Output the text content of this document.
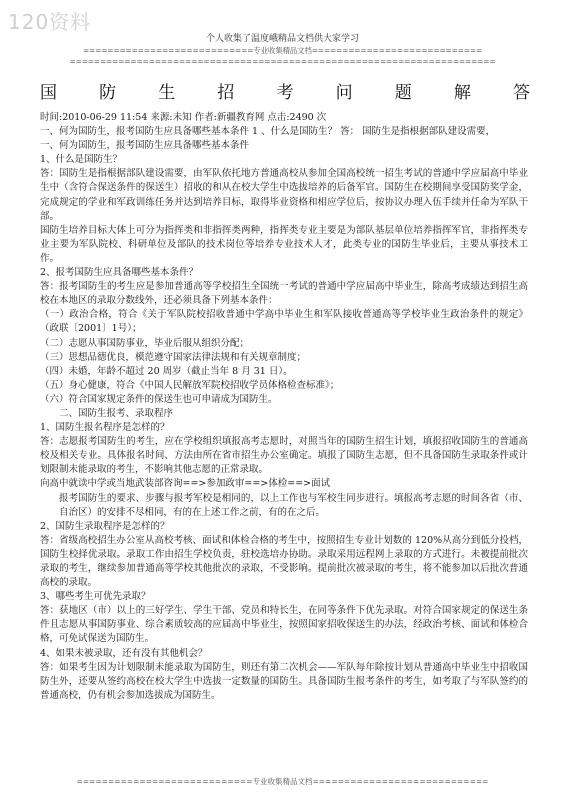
120资料
个人收集了温度峨精品文档供大家学习
============================专业收集精品文档============================
======================================================================
国 防 生 招 考 问 题 解 答

时间:2010-06-29 11:54 来源:未知 作者:新疆教育网 点击:2490 次

一、何为国防生，报考国防生应具备哪些基本条件 1 、什么是国防生？ 答： 国防生是指根据部队建设需要，

一、何为国防生，报考国防生应具备哪些基本条件

1、什么是国防生？

答：国防生是指根据部队建设需要，由军队依托地方普通高校从参加全国高校统一招生考试的普通中学应届高中毕业生中（含符合保送条件的保送生）招收的和从在校大学生中选拔培养的后备军官。国防生在校期间享受国防奖学金，完成规定的学业和军政训练任务并达到培养目标，取得毕业资格和相应学位后，按协议办理入伍手续并任命为军队干部。

国防生培养目标大体上可分为指挥类和非指挥类两种，指挥类专业主要是为部队基层单位培养指挥军官，非指挥类专业主要为军队院校、科研单位及部队的技术岗位等培养专业技术人才，此类专业的国防生毕业后，主要从事技术工作。

2、报考国防生应具备哪些基本条件？

答：报考国防生的考生应是参加普通高等学校招生全国统一考试的普通中学应届高中毕业生，除高考成绩达到招生高校在本地区的录取分数线外，还必须具备下列基本条件：

（一）政治合格，符合《关于军队院校招收普通中学高中毕业生和军队接收普通高等学校毕业生政治条件的规定》（政联〔2001〕1号）；

（二）志愿从事国防事业，毕业后服从组织分配；

（三）思想品德优良，模范遵守国家法律法规和有关规章制度；

（四）未婚，年龄不超过 20 周岁（截止当年 8 月 31 日）。

（五）身心健康，符合《中国人民解放军院校招收学员体格检查标准》；

（六）符合国家规定条件的保送生也可申请成为国防生。

二、国防生报考、录取程序

1、国防生报名程序是怎样的？

答：志愿报考国防生的考生，应在学校组织填报高考志愿时，对照当年的国防生招生计划，填报招收国防生的普通高校及相关专业。具体报名时间、方法由所在省市招生办公室确定。填报了国防生志愿，但不具备国防生录取条件或计划限制未能录取的考生，不影响其他志愿的正常录取。

向高中就读中学或当地武装部咨询==>参加政审==>体检==>面试

报考国防生的要求、步骤与报考军校是相同的，以上工作也与军校生同步进行。填报高考志愿的时间各省（市、自治区）的安排不尽相同，有的在上述工作之前，有的在之后。

2、国防生录取程序是怎样的？

答：省级高校招生办公室从高校考核、面试和体检合格的考生中，按照招生专业计划数的 120%从高分到低分投档，国防生校择优录取。录取工作由招生学校负责，驻校选培办协助。录取采用远程网上录取的方式进行。未被提前批次录取的考生，继续参加普通高等学校其他批次的录取，不受影响。提前批次被录取的考生，将不能参加以后批次普通高校的录取。

3、哪些考生可优先录取？

答：获地区（市）以上的三好学生、学生干部、党员和特长生，在同等条件下优先录取。对符合国家规定的保送生条件且志愿从事国防事业、综合素质较高的应届高中毕业生，按照国家招收保送生的办法，经政治考核、面试和体检合格，可免试保送为国防生。

4、如果未被录取，还有没有其他机会？

答：如果考生因为计划限制未能录取为国防生，则还有第二次机会——军队每年除按计划从普通高中毕业生中招收国防生外，还要从签约高校在校大学生中选拔一定数量的国防生。具备国防生报考条件的考生，如考取了与军队签约的普通高校，仍有机会参加选拔成为国防生。

============================专业收集精品文档============================
